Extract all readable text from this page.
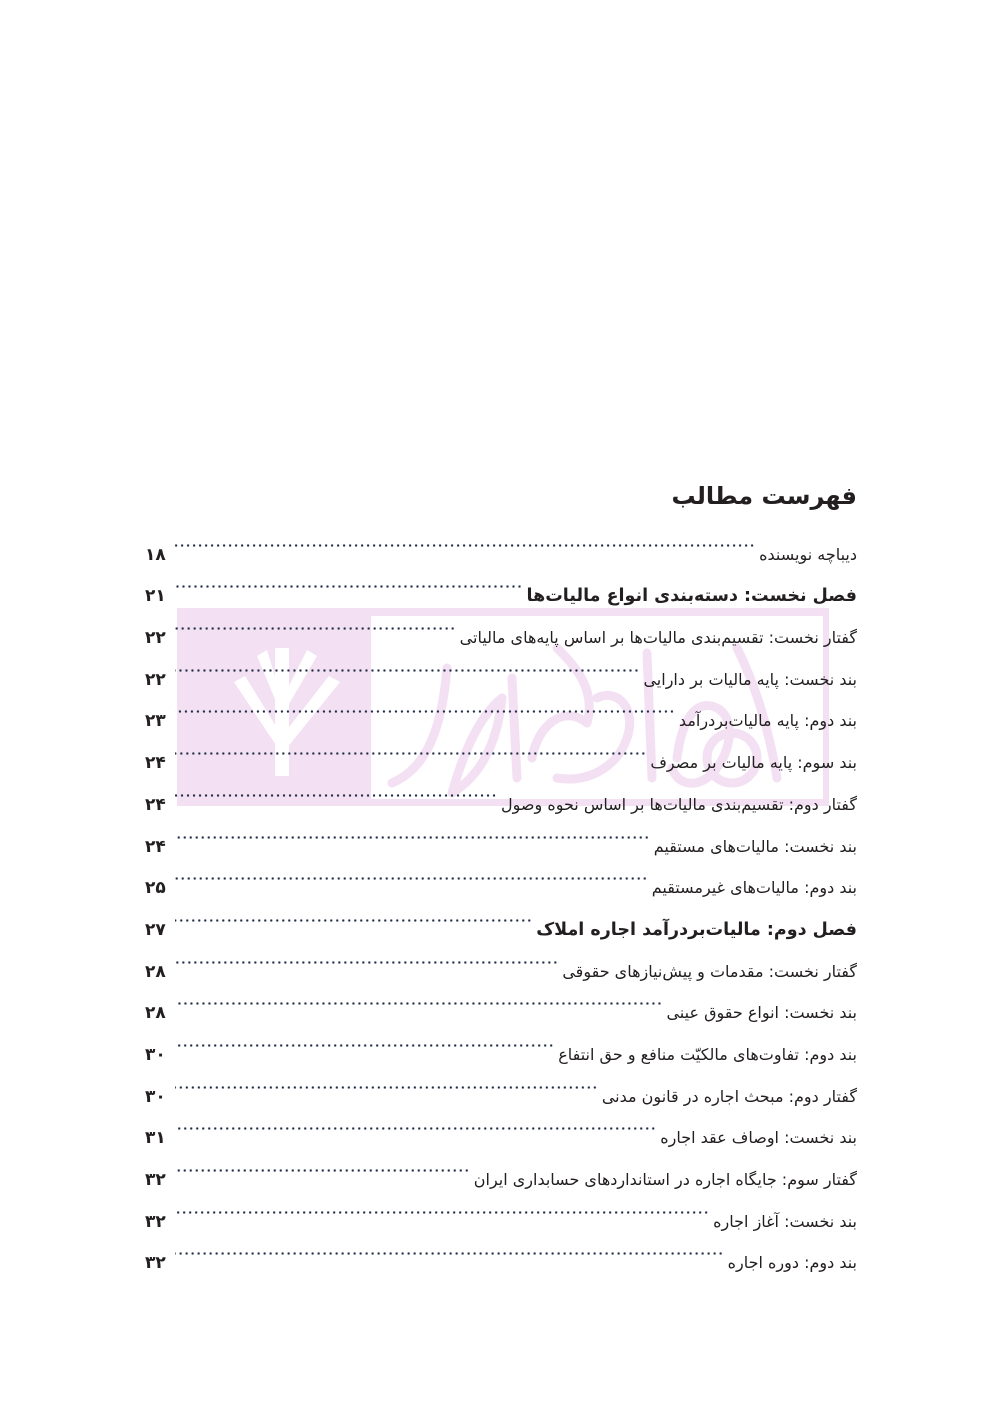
فهرست مطالب
دیباچه نویسنده
۱۸
فصل نخست: دسته‌بندی انواع مالیات‌ها
۲۱
گفتار نخست: تقسیم‌بندی مالیات‌ها بر اساس پایه‌های مالیاتی
۲۲
بند نخست: پایه مالیات بر دارایی
۲۲
بند دوم: پایه مالیات‌بردرآمد
۲۳
بند سوم: پایه مالیات بر مصرف
۲۴
گفتار دوم: تقسیم‌بندی مالیات‌ها بر اساس نحوه وصول
۲۴
بند نخست: مالیات‌های مستقیم
۲۴
بند دوم: مالیات‌های غیرمستقیم
۲۵
فصل دوم: مالیات‌بردرآمد اجاره املاک
۲۷
گفتار نخست: مقدمات و پیش‌نیازهای حقوقی
۲۸
بند نخست: انواع حقوق عینی
۲۸
بند دوم: تفاوت‌های مالکیّت منافع و حق انتفاع
۳۰
گفتار دوم: مبحث اجاره در قانون مدنی
۳۰
بند نخست: اوصاف عقد اجاره
۳۱
گفتار سوم: جایگاه اجاره در استانداردهای حسابداری ایران
۳۲
بند نخست: آغاز اجاره
۳۲
بند دوم: دوره اجاره
۳۲
